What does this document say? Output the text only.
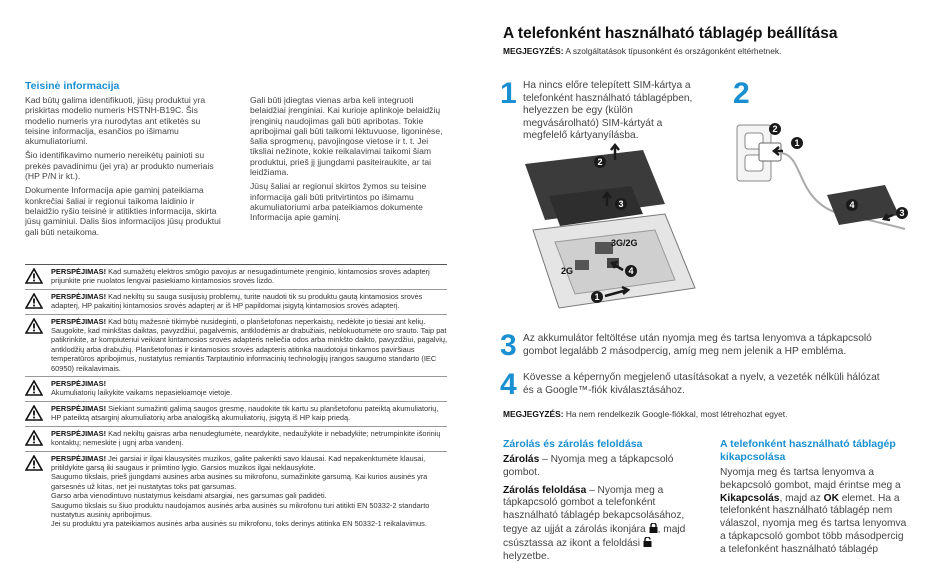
Teisinė informacija

Kad būtų galima identifikuoti, jūsų produktui yra priskirtas modelio numeris HSTNH-B19C. Šis modelio numeris yra nurodytas ant etiketės su teisine informacija, esančios po išimamu akumuliatoriumi.

Šio identifikavimo numerio nereikėtų painioti su prekės pavadinimu (jei yra) ar produkto numeriais (HP P/N ir kt.).

Dokumente Informacija apie gaminį pateikiama konkrečiai šaliai ir regionui taikoma laidinio ir belaidžio ryšio teisinė ir atitikties informacija, skirta jūsų gaminiui. Dalis šios informacijos jūsų produktui gali būti netaikoma.

Gali būti įdiegtas vienas arba keli integruoti belaidžiai įrenginiai. Kai kurioje aplinkoje belaidžių įrenginių naudojimas gali būti apribotas. Tokie apribojimai gali būti taikomi lėktuvuose, ligoninėse, šalia sprogmenų, pavojingose vietose ir t. t. Jei tiksliai nežinote, kokie reikalavimai taikomi šiam produktui, prieš jį įjungdami pasiteiraukite, ar tai leidžiama.

Jūsų šaliai ar regionui skirtos žymos su teisine informacija gali būti pritvirtintos po išimamu akumuliatoriumi arba pateikiamos dokumente Informacija apie gaminį.

PERSPĖJIMAS! Kad sumažėtų elektros smūgio pavojus ar nesugadintumėte įrenginio, kintamosios srovės adapterį prijunkite prie nuolatos lengvai pasiekiamo kintamosios srovės lizdo.
PERSPĖJIMAS! Kad nekiltų su sauga susijusių problemų, turite naudoti tik su produktu gautą kintamosios srovės adapterį, HP pakaitinį kintamosios srovės adapterį ar iš HP papildomai įsigytą kintamosios srovės adapterį.
PERSPĖJIMAS! Kad būtų mažesnė tikimybė nusideginti, o planšetofonas neperkaistų, nedėkite jo tiesiai ant kelių. Saugokite, kad minkštas daiktas, pavyzdžiui, pagalvėmis, antklodėmis ar drabužiais, neblokuotumėte oro srauto. Taip pat patikrinkite, ar kompiuteriui veikiant kintamosios srovės adapteris neliečia odos arba minkšto daikto, pavyzdžiui, pagalvių, antklodžių arba drabužių. Planšetofonas ir kintamosios srovės adapteris atitinka naudotojui tinkamos paviršiaus temperatūros apribojimus, nustatytus remiantis Tarptautinio informacinių technologijų įrangos saugumo standarto (IEC 60950) reikalavimais.
PERSPĖJIMAS!
Akumuliatorių laikykite vaikams nepasiekiamoje vietoje.
PERSPĖJIMAS! Siekiant sumažinti galimą saugos gresmę, naudokite tik kartu su planšetofonu pateiktą akumuliatorių, HP pateiktą atsarginį akumuliatorių arba analogišką akumuliatorių, įsigytą iš HP kaip priedą.
PERSPĖJIMAS! Kad nekiltų gaisras arba nenudegtumėte, neardykite, nedaužykite ir nebadykite; netrumpinkite išorinių kontaktų; nemeskite į ugnį arba vandenį.
PERSPĖJIMAS! Jei garsiai ir ilgai klausysitės muzikos, galite pakenkti savo klausai. Kad nepakenktumėte klausai, pritildykite garsą iki saugaus ir priimtino lygio. Garsios muzikos ilgai neklausykite.
Saugumo tikslais, prieš įjungdami ausines arba ausines su mikrofonu, sumažinkite garsumą. Kai kurios ausinės yra garsesnės už kitas, net jei nustatytas toks pat garsumas.
Garso arba vienodintuvo nustatymus keisdami atsargiai, nes garsumas gali padidėti.
Saugumo tikslais su šiuo produktu naudojamos ausinės arba ausinės su mikrofonu turi atitikti EN 50332-2 standarto nustatytus ausinių apribojimus.
Jei su produktu yra pateikiamos ausinės arba ausinės su mikrofonu, toks derinys atitinka EN 50332-1 reikalavimus.
A telefonként használható táblagép beállítása
MEGJEGYZÉS: A szolgáltatások típusonként és országonként eltérhetnek.
1 Ha nincs előre telepített SIM-kártya a telefonként használható táblagépben, helyezzen be egy (külön megvásárolható) SIM-kártyát a megfelelő kártyanyílásba.
2
2
3
3G/2G
2G	4
1
2
1
4
3
3 Az akkumulátor feltöltése után nyomja meg és tartsa lenyomva a tápkapcsoló gombot legalább 2 másodpercig, amíg meg nem jelenik a HP embléma.
4 Kövesse a képernyőn megjelenő utasításokat a nyelv, a vezeték nélküli hálózat és a Google™-fiók kiválasztásához.
MEGJEGYZÉS: Ha nem rendelkezik Google-fiókkal, most létrehozhat egyet.
Zárolás és zárolás feloldása
Zárolás – Nyomja meg a tápkapcsoló gombot.
Zárolás feloldása – Nyomja meg a tápkapcsoló gombot a telefonként használható táblagép bekapcsolásához, tegye az ujját a zárolás ikonjára , majd csúsztassa az ikont a feloldási  helyzetbe.
A telefonként használható táblagép kikapcsolása
Nyomja meg és tartsa lenyomva a bekapcsoló gombot, majd érintse meg a Kikapcsolás, majd az OK elemet. Ha a telefonként használható táblagép nem válaszol, nyomja meg és tartsa lenyomva a tápkapcsoló gombot több másodpercig a telefonként használható táblagép
